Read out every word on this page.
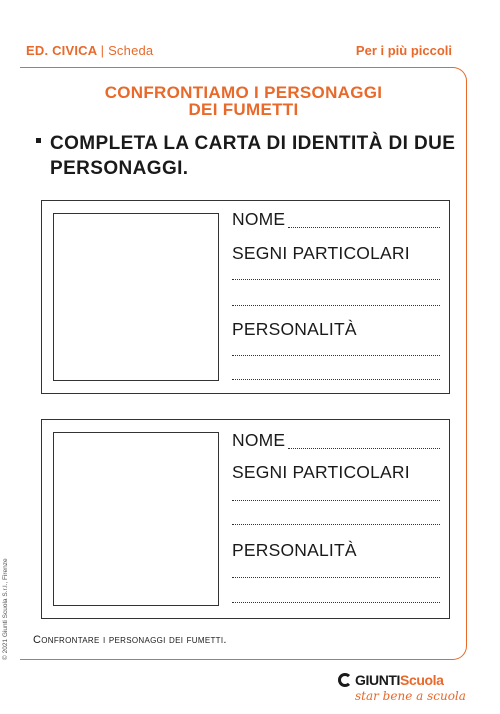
ED. CIVICA | Scheda	Per i più piccoli
CONFRONTIAMO I PERSONAGGI
DEI FUMETTI
COMPLETA LA CARTA DI IDENTITÀ DI DUE
PERSONAGGI.
NOME
SEGNI PARTICOLARI
PERSONALITÀ
NOME
SEGNI PARTICOLARI
PERSONALITÀ
Confrontare i personaggi dei fumetti.
© 2021 Giunti Scuola S.r.l., Firenze
GIUNTIScuola
star bene a scuola
